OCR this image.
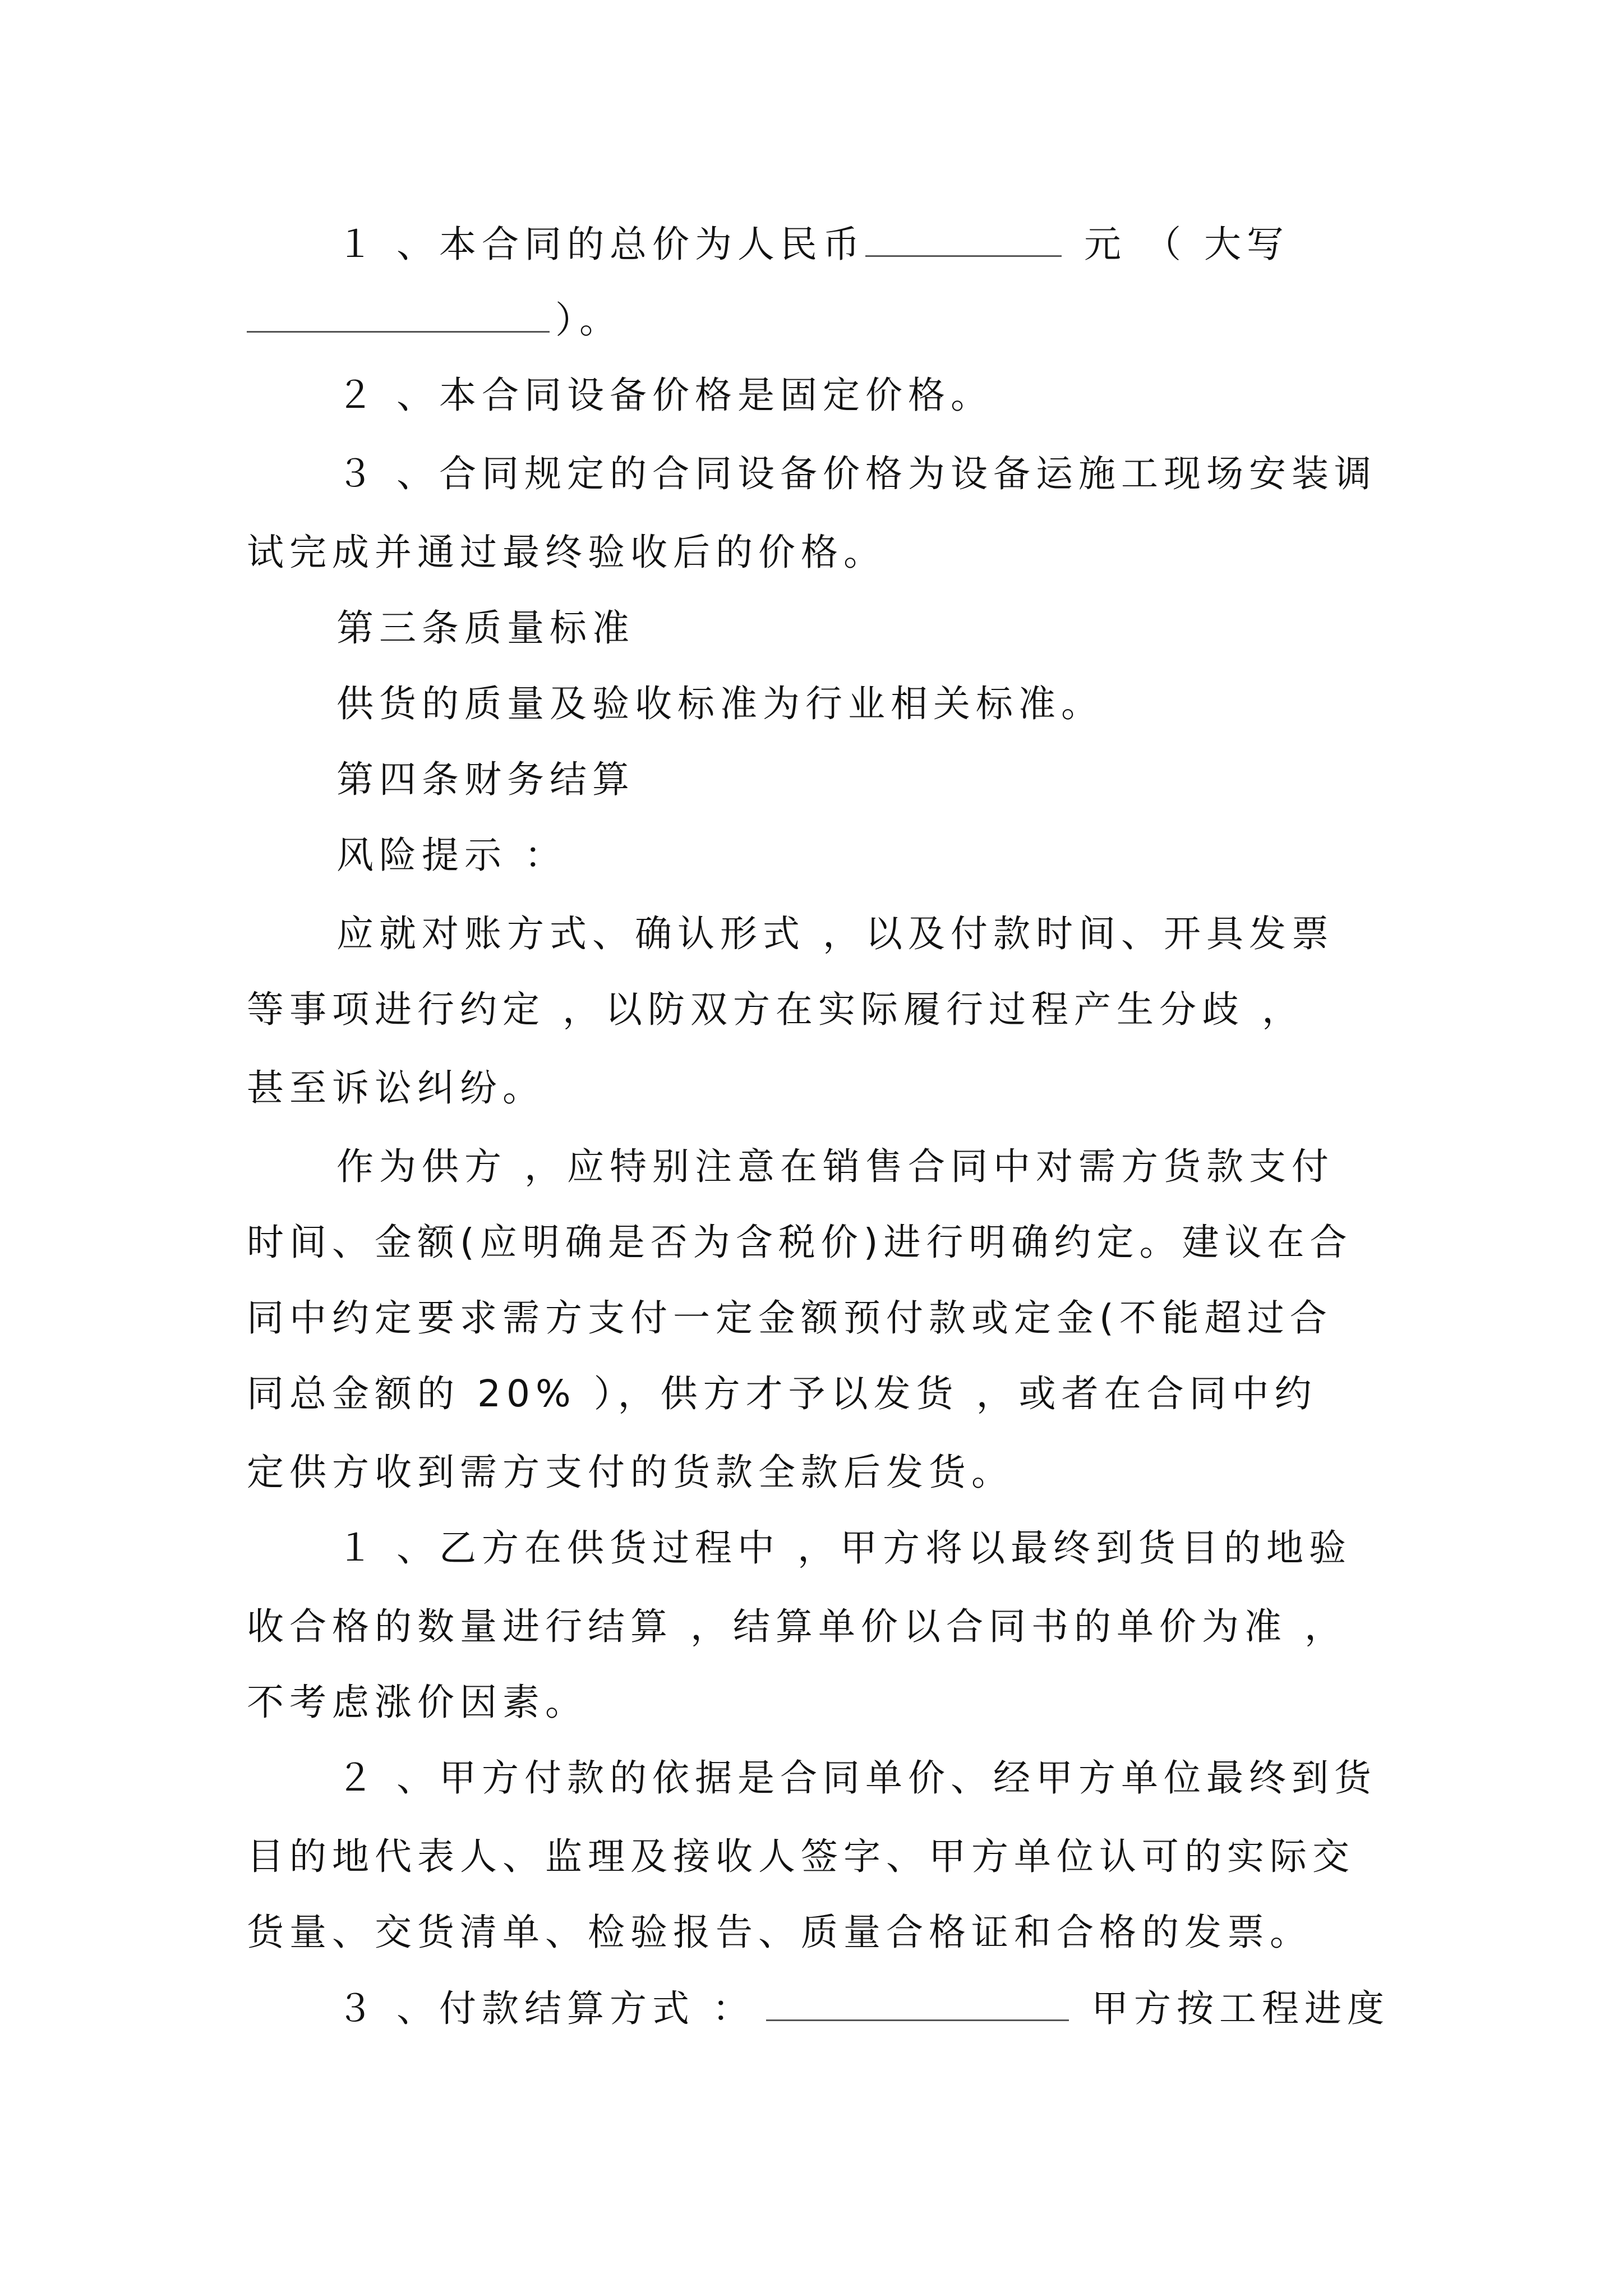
１ 、本合同的总价为人民币	元 （ 大写
）。
２ 、本合同设备价格是固定价格。
３ 、合同规定的合同设备价格为设备运施工现场安装调
试完成并通过最终验收后的价格。
第三条质量标准
供货的质量及验收标准为行业相关标准。
第四条财务结算
风险提示 ：
应就对账方式、确认形式 ，以及付款时间、开具发票
等事项进行约定 ，以防双方在实际履行过程产生分歧 ，
甚至诉讼纠纷。
作为供方 ，应特别注意在销售合同中对需方货款支付
时间、金额(应明确是否为含税价)进行明确约定。建议在合
同中约定要求需方支付一定金额预付款或定金(不能超过合
同总金额的 20% ），供方才予以发货 ，或者在合同中约
定供方收到需方支付的货款全款后发货。
１ 、乙方在供货过程中 ，甲方将以最终到货目的地验
收合格的数量进行结算 ，结算单价以合同书的单价为准 ，
不考虑涨价因素。
２ 、甲方付款的依据是合同单价、经甲方单位最终到货
目的地代表人、监理及接收人签字、甲方单位认可的实际交
货量、交货清单、检验报告、质量合格证和合格的发票。
３ 、付款结算方式 ：	甲方按工程进度
